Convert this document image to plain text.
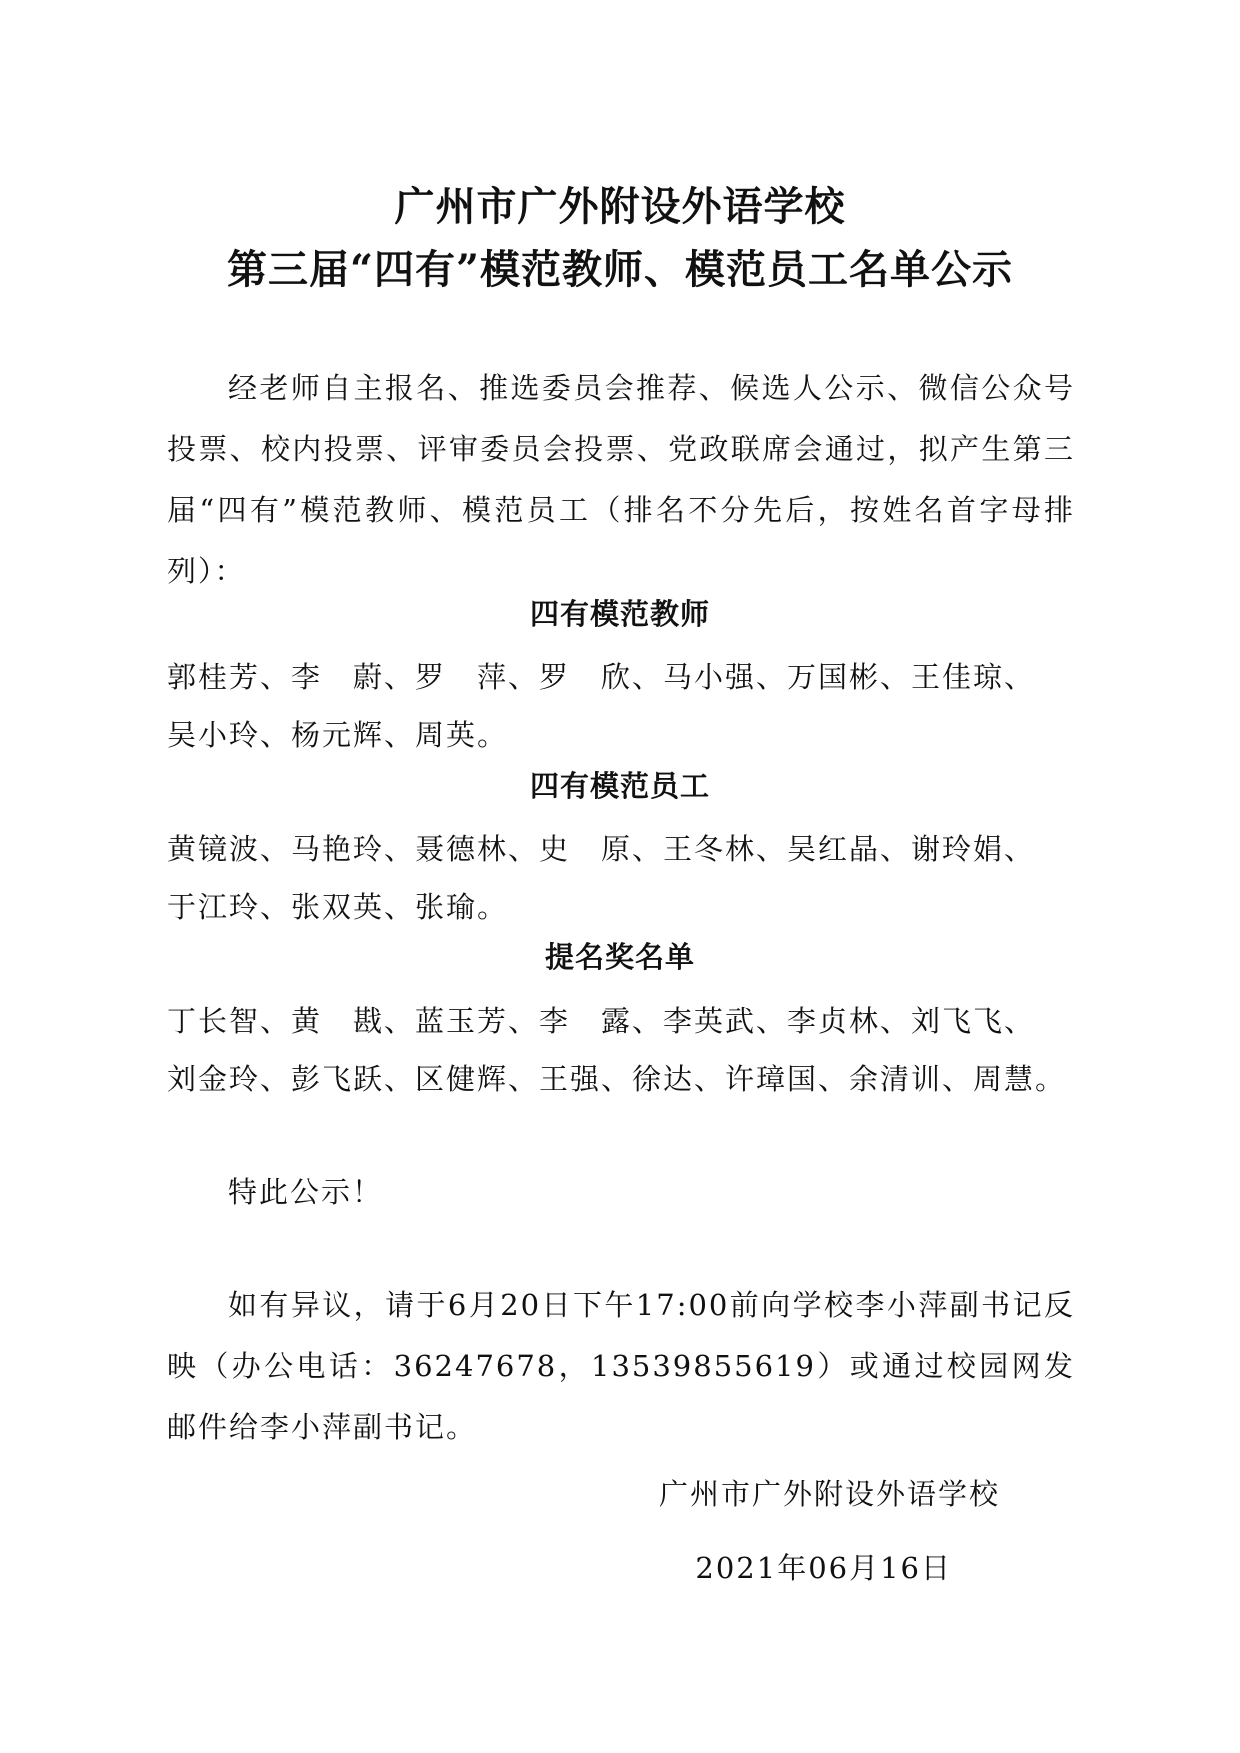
广州市广外附设外语学校
第三届“四有”模范教师、模范员工名单公示
经老师自主报名、推选委员会推荐、候选人公示、微信公众号投票、校内投票、评审委员会投票、党政联席会通过，拟产生第三届“四有”模范教师、模范员工（排名不分先后，按姓名首字母排列）：
四有模范教师
郭桂芳、李　蔚、罗　萍、罗　欣、马小强、万国彬、王佳琼、
吴小玲、杨元辉、周英。
四有模范员工
黄镜波、马艳玲、聂德林、史　原、王冬林、吴红晶、谢玲娟、
于江玲、张双英、张瑜。
提名奖名单
丁长智、黄　戡、蓝玉芳、李　露、李英武、李贞林、刘飞飞、
刘金玲、彭飞跃、区健辉、王强、徐达、许璋国、余清训、周慧。
特此公示！
如有异议，请于6月20日下午17:00前向学校李小萍副书记反映（办公电话：36247678，13539855619）或通过校园网发邮件给李小萍副书记。
广州市广外附设外语学校
2021年06月16日
